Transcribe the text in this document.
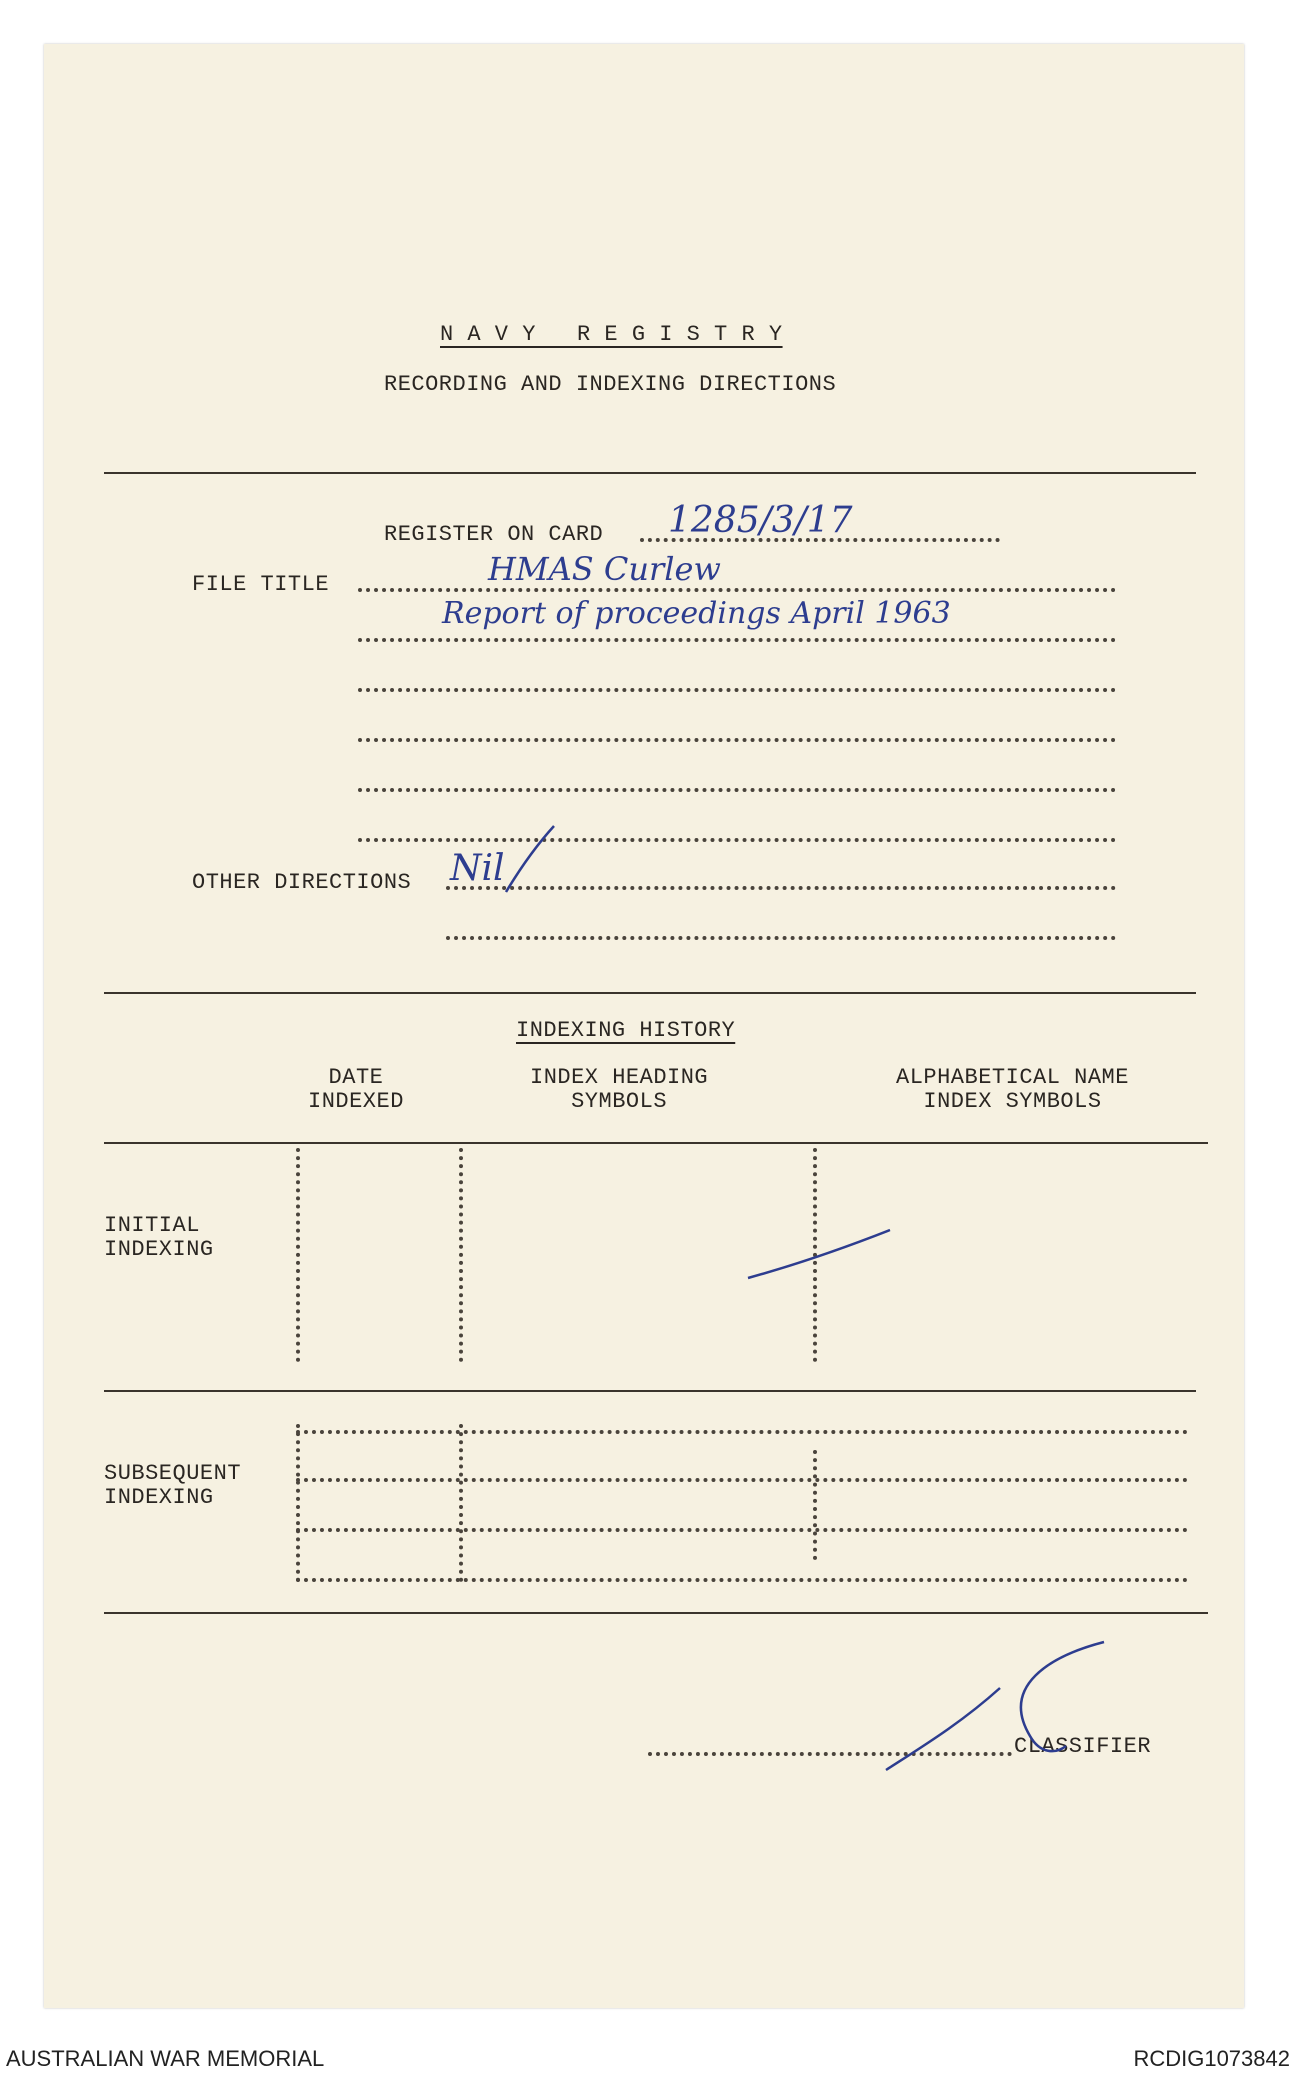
N A V Y   R E G I S T R Y
RECORDING AND INDEXING DIRECTIONS
REGISTER ON CARD 1285/3/17
FILE TITLE	HMAS Curlew
Report of proceedings April 1963
OTHER DIRECTIONS Nil
INDEXING HISTORY
DATE
INDEXED
INDEX HEADING
SYMBOLS
ALPHABETICAL NAME
INDEX SYMBOLS
INITIAL
INDEXING
SUBSEQUENT
INDEXING
CLASSIFIER
AUSTRALIAN WAR MEMORIAL	RCDIG1073842
